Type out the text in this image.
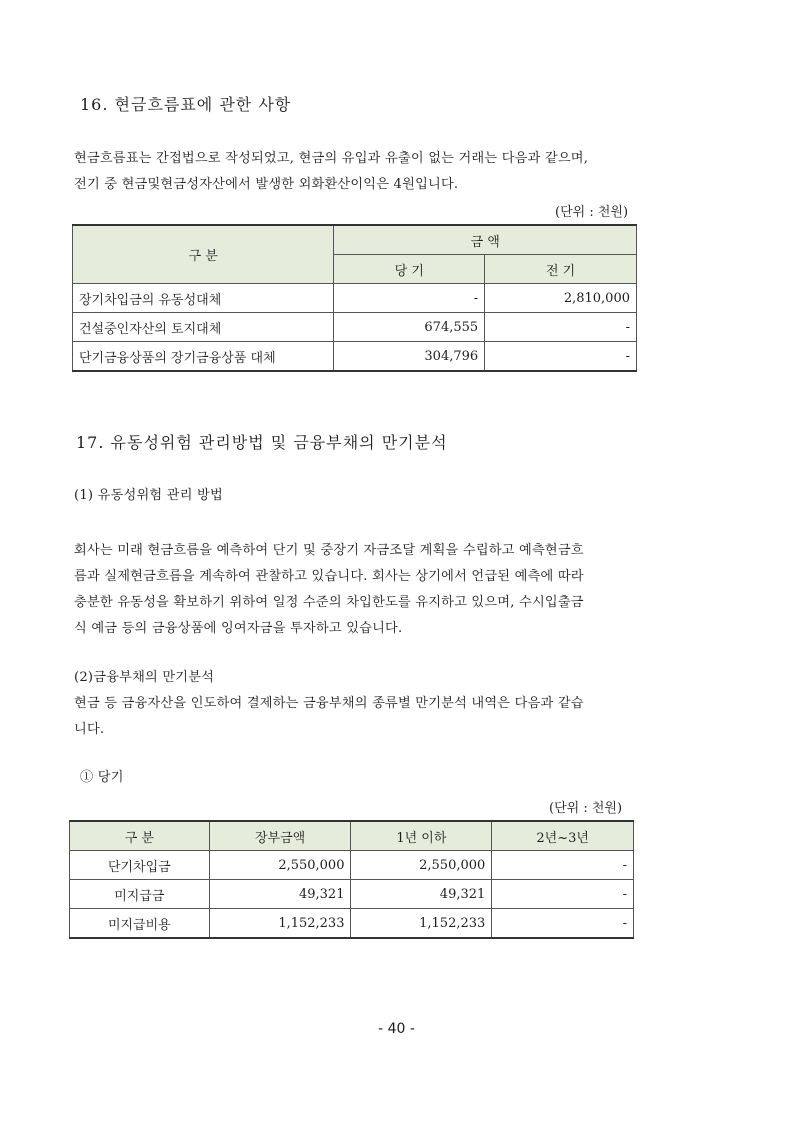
16. 현금흐름표에 관한 사항
현금흐름표는 간접법으로 작성되었고, 현금의 유입과 유출이 없는 거래는 다음과 같으며,
전기 중 현금및현금성자산에서 발생한 외화환산이익은 4원입니다.
(단위 : 천원)
구 분	금 액	
	당 기	전 기
장기차입금의 유동성대체	-	2,810,000
건설중인자산의 토지대체	674,555	-
단기금융상품의 장기금융상품 대체	304,796	-
17. 유동성위험 관리방법 및 금융부채의 만기분석
(1) 유동성위험 관리 방법
회사는 미래 현금흐름을 예측하여 단기 및 중장기 자금조달 계획을 수립하고 예측현금흐
름과 실제현금흐름을 계속하여 관찰하고 있습니다. 회사는 상기에서 언급된 예측에 따라
충분한 유동성을 확보하기 위하여 일정 수준의 차입한도를 유지하고 있으며, 수시입출금
식 예금 등의 금융상품에 잉여자금을 투자하고 있습니다.
(2)금융부채의 만기분석
현금 등 금융자산을 인도하여 결제하는 금융부채의 종류별 만기분석 내역은 다음과 같습
니다.
① 당기
(단위 : 천원)
구 분	장부금액	1년 이하	2년~3년
단기차입금	2,550,000	2,550,000	-
미지급금	49,321	49,321	-
미지급비용	1,152,233	1,152,233	-
- 40 -
